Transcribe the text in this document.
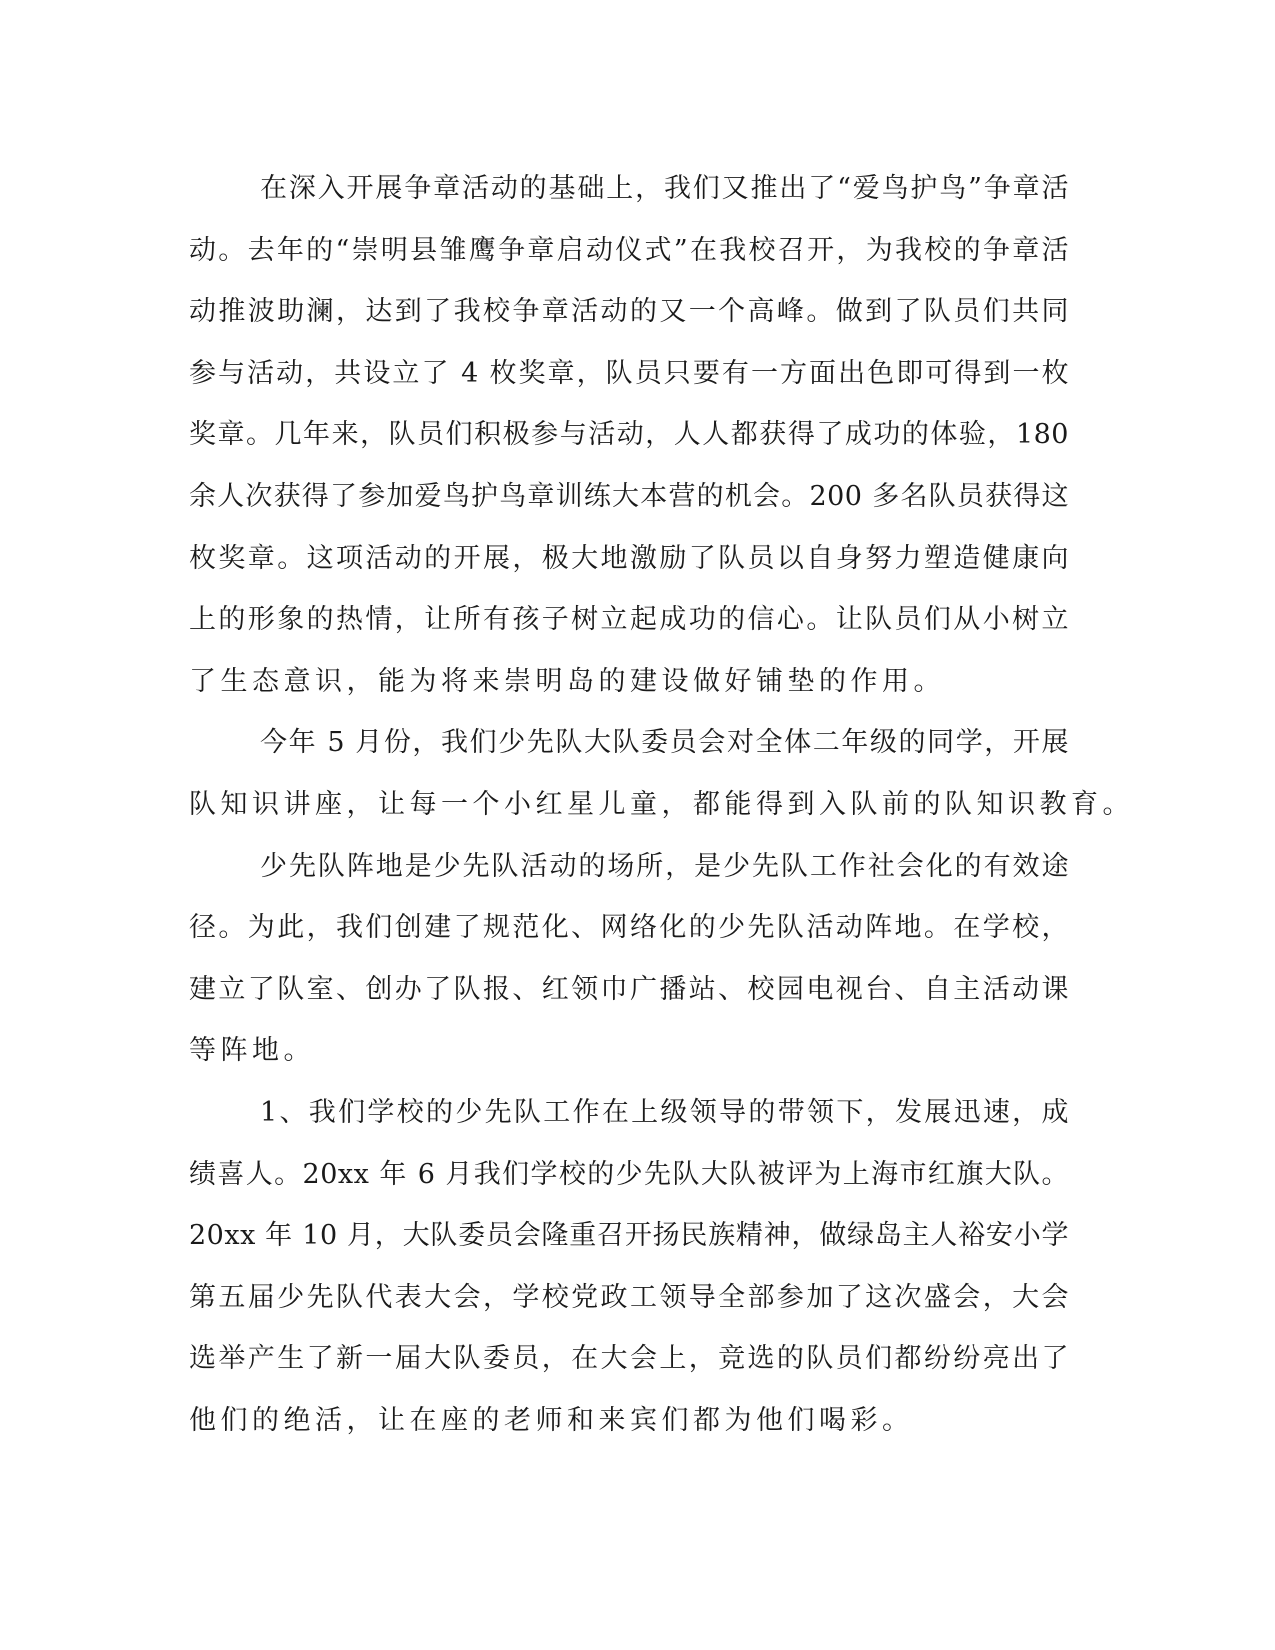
在深入开展争章活动的基础上，我们又推出了“爱鸟护鸟”争章活
动。去年的“崇明县雏鹰争章启动仪式”在我校召开，为我校的争章活
动推波助澜，达到了我校争章活动的又一个高峰。做到了队员们共同
参与活动，共设立了 4 枚奖章，队员只要有一方面出色即可得到一枚
奖章。几年来，队员们积极参与活动，人人都获得了成功的体验，180
余人次获得了参加爱鸟护鸟章训练大本营的机会。200 多名队员获得这
枚奖章。这项活动的开展，极大地激励了队员以自身努力塑造健康向
上的形象的热情，让所有孩子树立起成功的信心。让队员们从小树立
了生态意识，能为将来崇明岛的建设做好铺垫的作用。
今年 5 月份，我们少先队大队委员会对全体二年级的同学，开展
队知识讲座，让每一个小红星儿童，都能得到入队前的队知识教育。
少先队阵地是少先队活动的场所，是少先队工作社会化的有效途
径。为此，我们创建了规范化、网络化的少先队活动阵地。在学校，
建立了队室、创办了队报、红领巾广播站、校园电视台、自主活动课
等阵地。
1、我们学校的少先队工作在上级领导的带领下，发展迅速，成
绩喜人。20xx 年 6 月我们学校的少先队大队被评为上海市红旗大队。
20xx 年 10 月，大队委员会隆重召开扬民族精神，做绿岛主人裕安小学
第五届少先队代表大会，学校党政工领导全部参加了这次盛会，大会
选举产生了新一届大队委员，在大会上，竞选的队员们都纷纷亮出了
他们的绝活，让在座的老师和来宾们都为他们喝彩。
